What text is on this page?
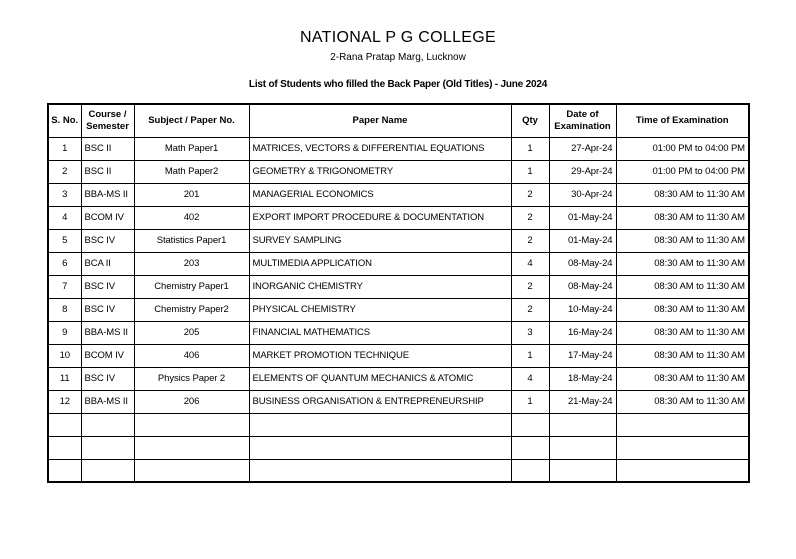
NATIONAL P G COLLEGE
2-Rana Pratap Marg, Lucknow
List of Students who filled the Back Paper (Old Titles) - June 2024
S. No.	Course / Semester	Subject / Paper No.	Paper Name	Qty	Date of Examination	Time of Examination
1	BSC II	Math Paper1	MATRICES, VECTORS & DIFFERENTIAL EQUATIONS	1	27-Apr-24	01:00 PM to 04:00 PM
2	BSC II	Math Paper2	GEOMETRY & TRIGONOMETRY	1	29-Apr-24	01:00 PM to 04:00 PM
3	BBA-MS II	201	MANAGERIAL ECONOMICS	2	30-Apr-24	08:30 AM to 11:30 AM
4	BCOM IV	402	EXPORT IMPORT PROCEDURE & DOCUMENTATION	2	01-May-24	08:30 AM to 11:30 AM
5	BSC IV	Statistics Paper1	SURVEY SAMPLING	2	01-May-24	08:30 AM to 11:30 AM
6	BCA II	203	MULTIMEDIA APPLICATION	4	08-May-24	08:30 AM to 11:30 AM
7	BSC IV	Chemistry Paper1	INORGANIC CHEMISTRY	2	08-May-24	08:30 AM to 11:30 AM
8	BSC IV	Chemistry Paper2	PHYSICAL CHEMISTRY	2	10-May-24	08:30 AM to 11:30 AM
9	BBA-MS II	205	FINANCIAL MATHEMATICS	3	16-May-24	08:30 AM to 11:30 AM
10	BCOM IV	406	MARKET PROMOTION TECHNIQUE	1	17-May-24	08:30 AM to 11:30 AM
11	BSC IV	Physics Paper 2	ELEMENTS OF QUANTUM MECHANICS & ATOMIC	4	18-May-24	08:30 AM to 11:30 AM
12	BBA-MS II	206	BUSINESS ORGANISATION & ENTREPRENEURSHIP	1	21-May-24	08:30 AM to 11:30 AM
